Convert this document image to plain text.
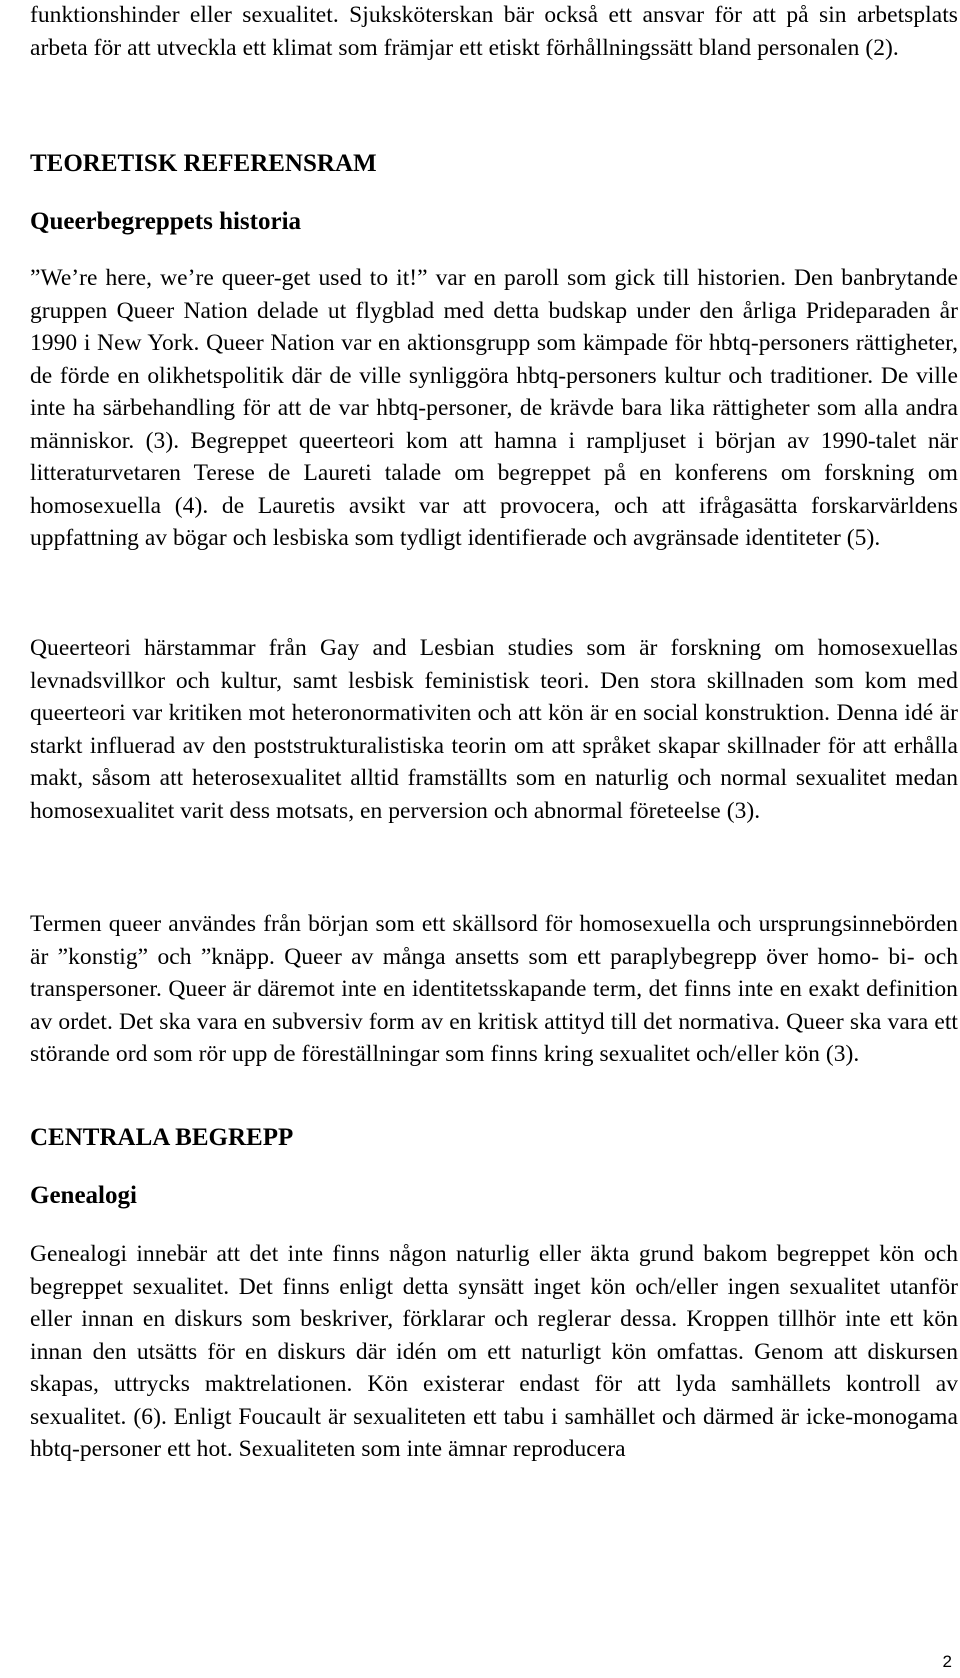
funktionshinder eller sexualitet. Sjuksköterskan bär också ett ansvar för att på sin arbetsplats arbeta för att utveckla ett klimat som främjar ett etiskt förhållningssätt bland personalen (2).

TEORETISK REFERENSRAM
Queerbegreppets historia

”We’re here, we’re queer-get used to it!” var en paroll som gick till historien. Den banbrytande gruppen Queer Nation delade ut flygblad med detta budskap under den årliga Prideparaden år 1990 i New York. Queer Nation var en aktionsgrupp som kämpade för hbtq-personers rättigheter, de förde en olikhetspolitik där de ville synliggöra hbtq-personers kultur och traditioner. De ville inte ha särbehandling för att de var hbtq-personer, de krävde bara lika rättigheter som alla andra människor. (3). Begreppet queerteori kom att hamna i rampljuset i början av 1990-talet när litteraturvetaren Terese de Laureti talade om begreppet på en konferens om forskning om homosexuella (4). de Lauretis avsikt var att provocera, och att ifrågasätta forskarvärldens uppfattning av bögar och lesbiska som tydligt identifierade och avgränsade identiteter (5).

Queerteori härstammar från Gay and Lesbian studies som är forskning om homosexuellas levnadsvillkor och kultur, samt lesbisk feministisk teori. Den stora skillnaden som kom med queerteori var kritiken mot heteronormativiten och att kön är en social konstruktion. Denna idé är starkt influerad av den poststrukturalistiska teorin om att språket skapar skillnader för att erhålla makt, såsom att heterosexualitet alltid framställts som en naturlig och normal sexualitet medan homosexualitet varit dess motsats, en perversion och abnormal företeelse (3).

Termen queer användes från början som ett skällsord för homosexuella och ursprungsinnebörden är ”konstig” och ”knäpp. Queer av många ansetts som ett paraplybegrepp över homo- bi- och transpersoner. Queer är däremot inte en identitetsskapande term, det finns inte en exakt definition av ordet. Det ska vara en subversiv form av en kritisk attityd till det normativa. Queer ska vara ett störande ord som rör upp de föreställningar som finns kring sexualitet och/eller kön (3).

CENTRALA BEGREPP
Genealogi

Genealogi innebär att det inte finns någon naturlig eller äkta grund bakom begreppet kön och begreppet sexualitet. Det finns enligt detta synsätt inget kön och/eller ingen sexualitet utanför eller innan en diskurs som beskriver, förklarar och reglerar dessa. Kroppen tillhör inte ett kön innan den utsätts för en diskurs där idén om ett naturligt kön omfattas. Genom att diskursen skapas, uttrycks maktrelationen. Kön existerar endast för att lyda samhällets kontroll av sexualitet. (6). Enligt Foucault är sexualiteten ett tabu i samhället och därmed är icke-monogama hbtq-personer ett hot. Sexualiteten som inte ämnar reproducera

2
